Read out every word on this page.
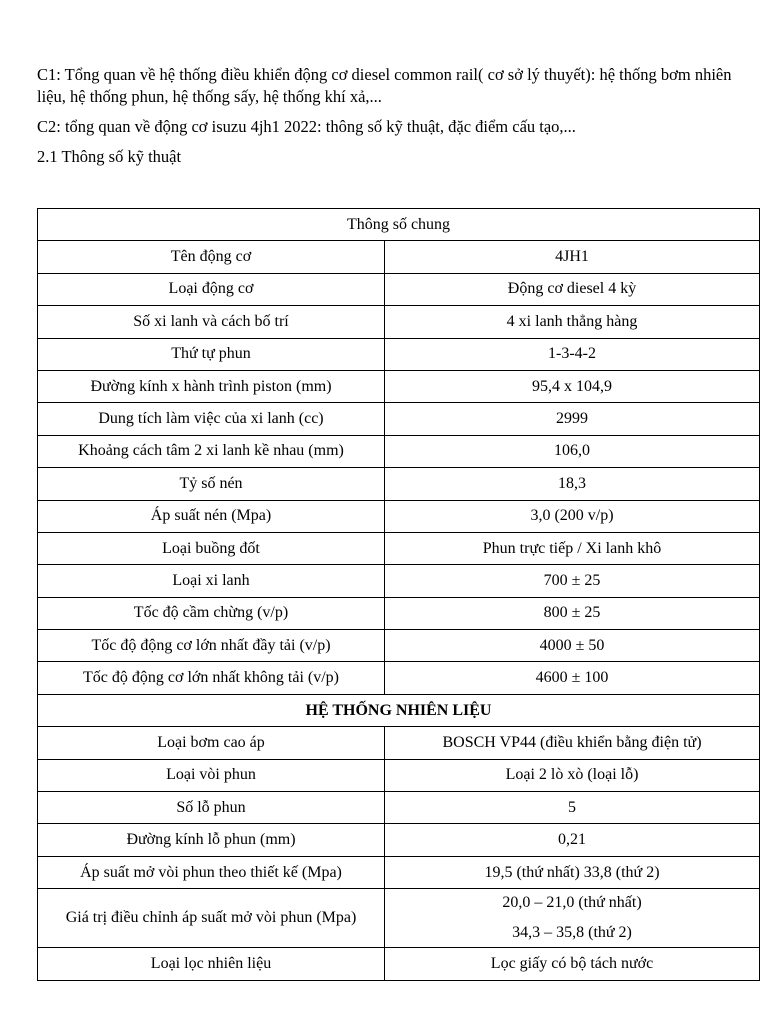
C1: Tổng quan về hệ thống điều khiển động cơ diesel common rail( cơ sở lý thuyết): hệ thống bơm nhiên liệu, hệ thống phun, hệ thống sấy, hệ thống khí xả,...

C2: tổng quan về động cơ isuzu 4jh1 2022: thông số kỹ thuật, đặc điểm cấu tạo,...

2.1 Thông số kỹ thuật

Thông số chung	
Tên động cơ	4JH1
Loại động cơ	Động cơ diesel 4 kỳ
Số xi lanh và cách bố trí	4 xi lanh thẳng hàng
Thứ tự phun	1-3-4-2
Đường kính x hành trình piston (mm)	95,4 x 104,9
Dung tích làm việc của xi lanh (cc)	2999
Khoảng cách tâm 2 xi lanh kề nhau (mm)	106,0
Tỷ số nén	18,3
Áp suất nén (Mpa)	3,0 (200 v/p)
Loại buồng đốt	Phun trực tiếp / Xi lanh khô
Loại xi lanh	700 ± 25
Tốc độ cầm chừng (v/p)	800 ± 25
Tốc độ động cơ lớn nhất đầy tải (v/p)	4000 ± 50
Tốc độ động cơ lớn nhất không tải (v/p)	4600 ± 100
HỆ THỐNG NHIÊN LIỆU	
Loại bơm cao áp	BOSCH VP44 (điều khiển bằng điện tử)
Loại vòi phun	Loại 2 lò xò (loại lỗ)
Số lỗ phun	5
Đường kính lỗ phun (mm)	0,21
Áp suất mở vòi phun theo thiết kế (Mpa)	19,5 (thứ nhất) 33,8 (thứ 2)
Giá trị điều chỉnh áp suất mở vòi phun (Mpa)	20,0 – 21,0 (thứ nhất)
34,3 – 35,8 (thứ 2)

Loại lọc nhiên liệu	Lọc giấy có bộ tách nước
